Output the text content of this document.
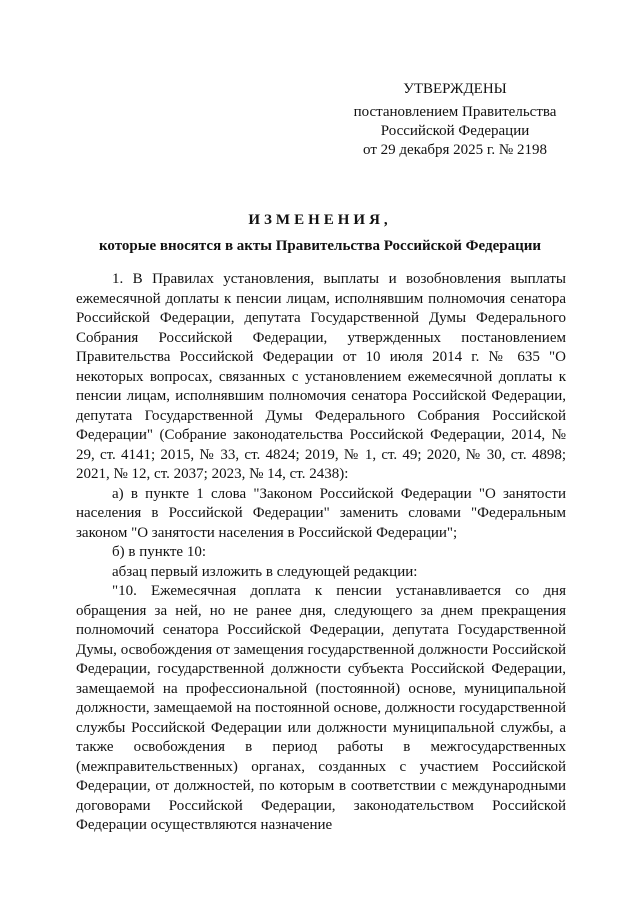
УТВЕРЖДЕНЫ
постановлением Правительства
Российской Федерации
от 29 декабря 2025 г. № 2198
ИЗМЕНЕНИЯ,
которые вносятся в акты Правительства Российской Федерации

1. В Правилах установления, выплаты и возобновления выплаты ежемесячной доплаты к пенсии лицам, исполнявшим полномочия сенатора Российской Федерации, депутата Государственной Думы Федерального Собрания Российской Федерации, утвержденных постановлением Правительства Российской Федерации от 10 июля 2014 г. № 635 "О некоторых вопросах, связанных с установлением ежемесячной доплаты к пенсии лицам, исполнявшим полномочия сенатора Российской Федерации, депутата Государственной Думы Федерального Собрания Российской Федерации" (Собрание законодательства Российской Федерации, 2014, № 29, ст. 4141; 2015, № 33, ст. 4824; 2019, № 1, ст. 49; 2020, № 30, ст. 4898; 2021, № 12, ст. 2037; 2023, № 14, ст. 2438):

а) в пункте 1 слова "Законом Российской Федерации "О занятости населения в Российской Федерации" заменить словами "Федеральным законом "О занятости населения в Российской Федерации";

б) в пункте 10:

абзац первый изложить в следующей редакции:

"10. Ежемесячная доплата к пенсии устанавливается со дня обращения за ней, но не ранее дня, следующего за днем прекращения полномочий сенатора Российской Федерации, депутата Государственной Думы, освобождения от замещения государственной должности Российской Федерации, государственной должности субъекта Российской Федерации, замещаемой на профессиональной (постоянной) основе, муниципальной должности, замещаемой на постоянной основе, должности государственной службы Российской Федерации или должности муниципальной службы, а также освобождения в период работы в межгосударственных (межправительственных) органах, созданных с участием Российской Федерации, от должностей, по которым в соответствии с международными договорами Российской Федерации, законодательством Российской Федерации осуществляются назначение
